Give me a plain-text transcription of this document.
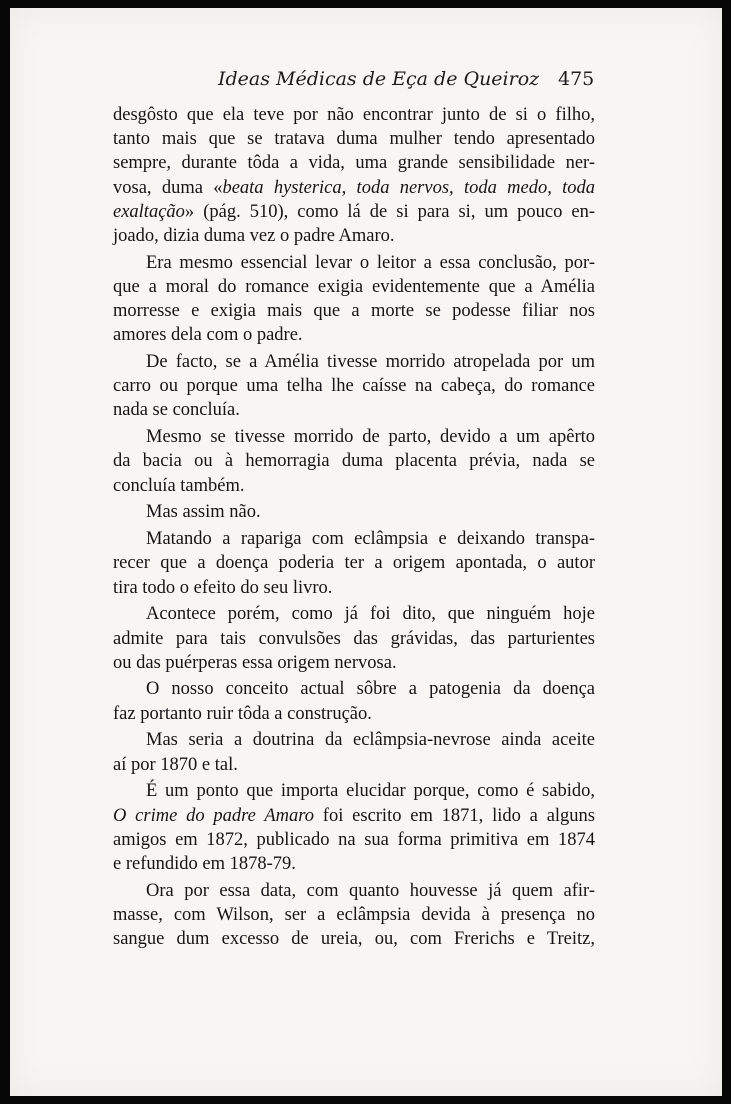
Ideas Médicas de Eça de Queiroz 475
desgôsto que ela teve por não encontrar junto de si o filho,
tanto mais que se tratava duma mulher tendo apresentado
sempre, durante tôda a vida, uma grande sensibilidade ner-
vosa, duma «beata hysterica, toda nervos, toda medo, toda
exaltação» (pág. 510), como lá de si para si, um pouco en-
joado, dizia duma vez o padre Amaro.
Era mesmo essencial levar o leitor a essa conclusão, por-
que a moral do romance exigia evidentemente que a Amélia
morresse e exigia mais que a morte se podesse filiar nos
amores dela com o padre.
De facto, se a Amélia tivesse morrido atropelada por um
carro ou porque uma telha lhe caísse na cabeça, do romance
nada se concluía.
Mesmo se tivesse morrido de parto, devido a um apêrto
da bacia ou à hemorragia duma placenta prévia, nada se
concluía também.
Mas assim não.
Matando a rapariga com eclâmpsia e deixando transpa-
recer que a doença poderia ter a origem apontada, o autor
tira todo o efeito do seu livro.
Acontece porém, como já foi dito, que ninguém hoje
admite para tais convulsões das grávidas, das parturientes
ou das puérperas essa origem nervosa.
O nosso conceito actual sôbre a patogenia da doença
faz portanto ruir tôda a construção.
Mas seria a doutrina da eclâmpsia-nevrose ainda aceite
aí por 1870 e tal.
É um ponto que importa elucidar porque, como é sabido,
O crime do padre Amaro foi escrito em 1871, lido a alguns
amigos em 1872, publicado na sua forma primitiva em 1874
e refundido em 1878-79.
Ora por essa data, com quanto houvesse já quem afir-
masse, com Wilson, ser a eclâmpsia devida à presença no
sangue dum excesso de ureia, ou, com Frerichs e Treitz,
